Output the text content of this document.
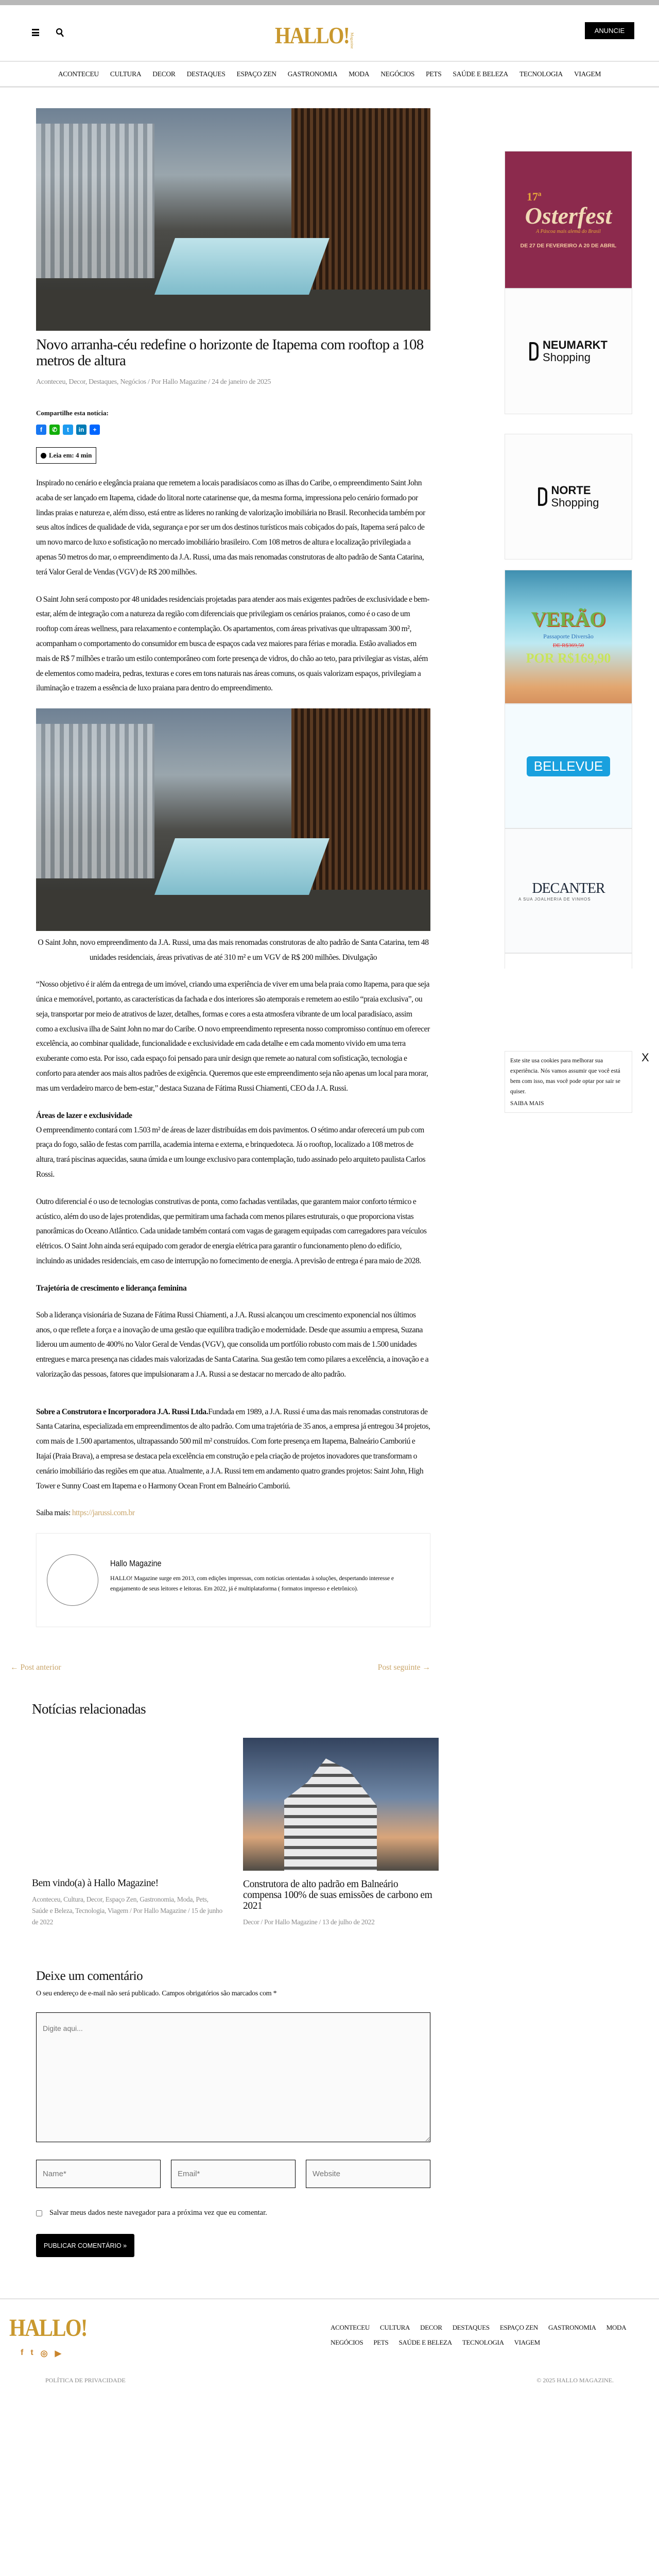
HALLO! Magazine
ANUNCIE
ACONTECEU CULTURA DECOR DESTAQUES ESPAÇO ZEN GASTRONOMIA MODA NEGÓCIOS PETS SAÚDE E BELEZA TECNOLOGIA VIAGEM
Novo arranha-céu redefine o horizonte de Itapema com rooftop a 108 metros de altura
Aconteceu, Decor, Destaques, Negócios / Por Hallo Magazine / 24 de janeiro de 2025
Compartilhe esta notícia:
f	✆	t	in	+
Leia em: 4 min

Inspirado no cenário e elegância praiana que remetem a locais paradisíacos como as ilhas do Caribe, o empreendimento Saint John acaba de ser lançado em Itapema, cidade do litoral norte catarinense que, da mesma forma, impressiona pelo cenário formado por lindas praias e natureza e, além disso, está entre as líderes no ranking de valorização imobiliária no Brasil. Reconhecida também por seus altos índices de qualidade de vida, segurança e por ser um dos destinos turísticos mais cobiçados do país, Itapema será palco de um novo marco de luxo e sofisticação no mercado imobiliário brasileiro. Com 108 metros de altura e localização privilegiada a apenas 50 metros do mar, o empreendimento da J.A. Russi, uma das mais renomadas construtoras de alto padrão de Santa Catarina, terá Valor Geral de Vendas (VGV) de R$ 200 milhões.

O Saint John será composto por 48 unidades residenciais projetadas para atender aos mais exigentes padrões de exclusividade e bem-estar, além de integração com a natureza da região com diferenciais que privilegiam os cenários praianos, como é o caso de um rooftop com áreas wellness, para relaxamento e contemplação. Os apartamentos, com áreas privativas que ultrapassam 300 m², acompanham o comportamento do consumidor em busca de espaços cada vez maiores para férias e moradia. Estão avaliados em mais de R$ 7 milhões e trarão um estilo contemporâneo com forte presença de vidros, do chão ao teto, para privilegiar as vistas, além de elementos como madeira, pedras, texturas e cores em tons naturais nas áreas comuns, os quais valorizam espaços, privilegiam a iluminação e trazem a essência de luxo praiana para dentro do empreendimento.

O Saint John, novo empreendimento da J.A. Russi, uma das mais renomadas construtoras de alto padrão de Santa Catarina, tem 48 unidades residenciais, áreas privativas de até 310 m² e um VGV de R$ 200 milhões. Divulgação

“Nosso objetivo é ir além da entrega de um imóvel, criando uma experiência de viver em uma bela praia como Itapema, para que seja única e memorável, portanto, as características da fachada e dos interiores são atemporais e remetem ao estilo “praia exclusiva”, ou seja, transportar por meio de atrativos de lazer, detalhes, formas e cores a esta atmosfera vibrante de um local paradisíaco, assim como a exclusiva ilha de Saint John no mar do Caribe. O novo empreendimento representa nosso compromisso contínuo em oferecer excelência, ao combinar qualidade, funcionalidade e exclusividade em cada detalhe e em cada momento vivido em uma terra exuberante como esta. Por isso, cada espaço foi pensado para unir design que remete ao natural com sofisticação, tecnologia e conforto para atender aos mais altos padrões de exigência. Queremos que este empreendimento seja não apenas um local para morar, mas um verdadeiro marco de bem-estar,” destaca Suzana de Fátima Russi Chiamenti, CEO da J.A. Russi.

Áreas de lazer e exclusividade

O empreendimento contará com 1.503 m² de áreas de lazer distribuídas em dois pavimentos. O sétimo andar oferecerá um pub com praça do fogo, salão de festas com parrilla, academia interna e externa, e brinquedoteca. Já o rooftop, localizado a 108 metros de altura, trará piscinas aquecidas, sauna úmida e um lounge exclusivo para contemplação, tudo assinado pelo arquiteto paulista Carlos Rossi.

Outro diferencial é o uso de tecnologias construtivas de ponta, como fachadas ventiladas, que garantem maior conforto térmico e acústico, além do uso de lajes protendidas, que permitiram uma fachada com menos pilares estruturais, o que proporciona vistas panorâmicas do Oceano Atlântico. Cada unidade também contará com vagas de garagem equipadas com carregadores para veículos elétricos. O Saint John ainda será equipado com gerador de energia elétrica para garantir o funcionamento pleno do edifício, incluindo as unidades residenciais, em caso de interrupção no fornecimento de energia. A previsão de entrega é para maio de 2028.

Trajetória de crescimento e liderança feminina

Sob a liderança visionária de Suzana de Fátima Russi Chiamenti, a J.A. Russi alcançou um crescimento exponencial nos últimos anos, o que reflete a força e a inovação de uma gestão que equilibra tradição e modernidade. Desde que assumiu a empresa, Suzana liderou um aumento de 400% no Valor Geral de Vendas (VGV), que consolida um portfólio robusto com mais de 1.500 unidades entregues e marca presença nas cidades mais valorizadas de Santa Catarina. Sua gestão tem como pilares a excelência, a inovação e a valorização das pessoas, fatores que impulsionaram a J.A. Russi a se destacar no mercado de alto padrão.

Sobre a Construtora e Incorporadora J.A. Russi Ltda.Fundada em 1989, a J.A. Russi é uma das mais renomadas construtoras de Santa Catarina, especializada em empreendimentos de alto padrão. Com uma trajetória de 35 anos, a empresa já entregou 34 projetos, com mais de 1.500 apartamentos, ultrapassando 500 mil m² construídos. Com forte presença em Itapema, Balneário Camboriú e Itajaí (Praia Brava), a empresa se destaca pela excelência em construção e pela criação de projetos inovadores que transformam o cenário imobiliário das regiões em que atua. Atualmente, a J.A. Russi tem em andamento quatro grandes projetos: Saint John, High Tower e Sunny Coast em Itapema e o Harmony Ocean Front em Balneário Camboriú.

Saiba mais: https://jarussi.com.br

Hallo Magazine
HALLO! Magazine surge em 2013, com edições impressas, com notícias orientadas à soluções, despertando interesse e engajamento de seus leitores e leitoras. Em 2022, já é multiplataforma ( formatos impresso e eletrônico).
← Post anterior	Post seguinte →
Notícias relacionadas
Bem vindo(a) à Hallo Magazine!
Aconteceu, Cultura, Decor, Espaço Zen, Gastronomia, Moda, Pets, Saúde e Beleza, Tecnologia, Viagem / Por Hallo Magazine / 15 de junho de 2022
Construtora de alto padrão em Balneário compensa 100% de suas emissões de carbono em 2021
Decor / Por Hallo Magazine / 13 de julho de 2022
Deixe um comentário
O seu endereço de e-mail não será publicado. Campos obrigatórios são marcados com *
Digite aqui...
Name*
Email*
Website
Salvar meus dados neste navegador para a próxima vez que eu comentar.
PUBLICAR COMENTÁRIO »
17ª
Osterfest
A Páscoa mais alemã do Brasil
DE 27 DE FEVEREIRO A 20 DE ABRIL
NEUMARKT
Shopping
NORTE
Shopping
VERÃO
Passaporte Diversão
DE R$369,50
POR R$169,90
BELLEVUE
DECANTER
A SUA JOALHERIA DE VINHOS
Este site usa cookies para melhorar sua experiência. Nós vamos assumir que você está bem com isso, mas você pode optar por sair se quiser.
SAIBA MAIS
X
HALLO!
f t ◎ ▶
ACONTECEU CULTURA DECOR DESTAQUES ESPAÇO ZEN GASTRONOMIA MODA
NEGÓCIOS PETS SAÚDE E BELEZA TECNOLOGIA VIAGEM
POLÍTICA DE PRIVACIDADE	© 2025 HALLO MAGAZINE.
